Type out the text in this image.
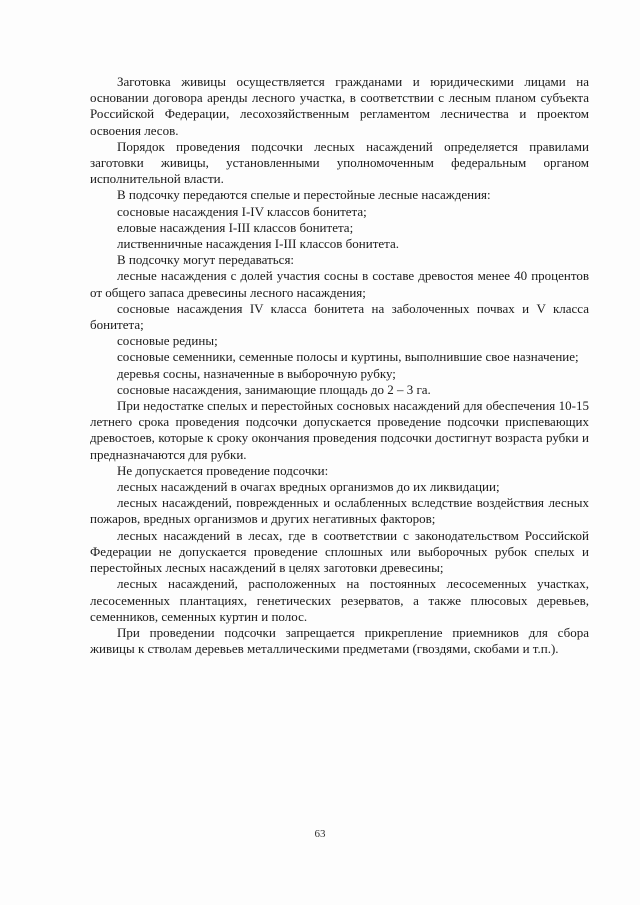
Заготовка живицы осуществляется гражданами и юридическими лицами на основании договора аренды лесного участка, в соответствии с лесным планом субъекта Российской Федерации, лесохозяйственным регламентом лесничества и проектом освоения лесов.

Порядок проведения подсочки лесных насаждений определяется правилами заготовки живицы, установленными уполномоченным федеральным органом исполнительной власти.

В подсочку передаются спелые и перестойные лесные насаждения:

сосновые насаждения I-IV классов бонитета;

еловые насаждения I-III классов бонитета;

лиственничные насаждения I-III классов бонитета.

В подсочку могут передаваться:

лесные насаждения с долей участия сосны в составе древостоя менее 40 процентов от общего запаса древесины лесного насаждения;

сосновые насаждения IV класса бонитета на заболоченных почвах и V класса бонитета;

сосновые редины;

сосновые семенники, семенные полосы и куртины, выполнившие свое назначение;

деревья сосны, назначенные в выборочную рубку;

сосновые насаждения, занимающие площадь до 2 – 3 га.

При недостатке спелых и перестойных сосновых насаждений для обеспечения 10-15 летнего срока проведения подсочки допускается проведение подсочки приспевающих древостоев, которые к сроку окончания проведения подсочки достигнут возраста рубки и предназначаются для рубки.

Не допускается проведение подсочки:

лесных насаждений в очагах вредных организмов до их ликвидации;

лесных насаждений, поврежденных и ослабленных вследствие воздействия лесных пожаров, вредных организмов и других негативных факторов;

лесных насаждений в лесах, где в соответствии с законодательством Российской Федерации не допускается проведение сплошных или выборочных рубок спелых и перестойных лесных насаждений в целях заготовки древесины;

лесных насаждений, расположенных на постоянных лесосеменных участках, лесосеменных плантациях, генетических резерватов, а также плюсовых деревьев, семенников, семенных куртин и полос.

При проведении подсочки запрещается прикрепление приемников для сбора живицы к стволам деревьев металлическими предметами (гвоздями, скобами и т.п.).

63
